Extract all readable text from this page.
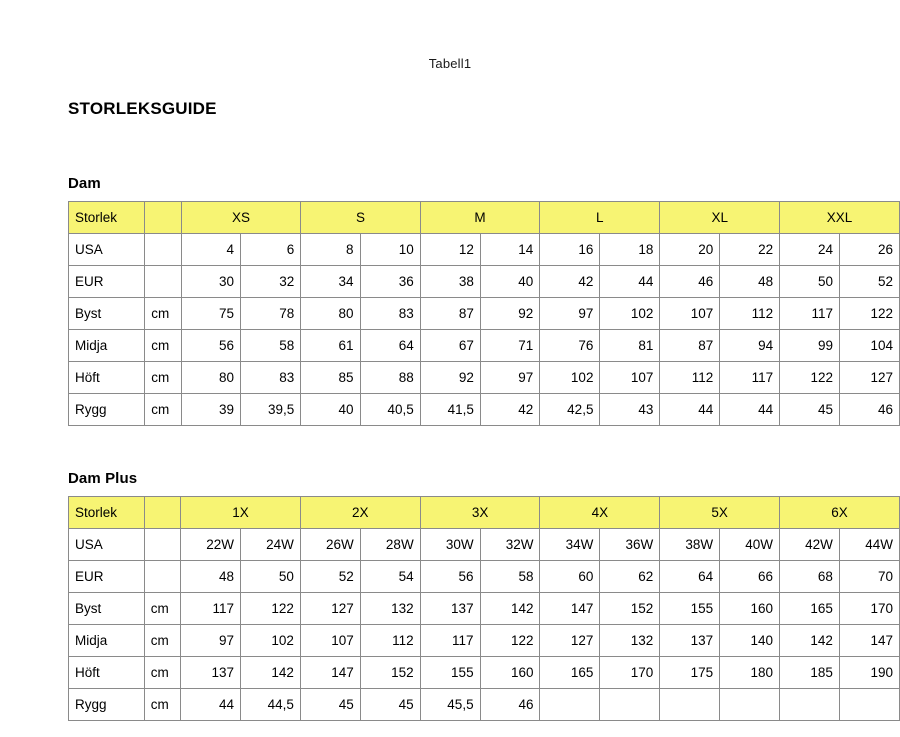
Tabell1
STORLEKSGUIDE
Dam
Storlek		XS		S		M		L		XL		XXL	
USA		4	6	8	10	12	14	16	18	20	22	24	26
EUR		30	32	34	36	38	40	42	44	46	48	50	52
Byst	cm	75	78	80	83	87	92	97	102	107	112	117	122
Midja	cm	56	58	61	64	67	71	76	81	87	94	99	104
Höft	cm	80	83	85	88	92	97	102	107	112	117	122	127
Rygg	cm	39	39,5	40	40,5	41,5	42	42,5	43	44	44	45	46
Dam Plus
Storlek		1X		2X		3X		4X		5X		6X	
USA		22W	24W	26W	28W	30W	32W	34W	36W	38W	40W	42W	44W
EUR		48	50	52	54	56	58	60	62	64	66	68	70
Byst	cm	117	122	127	132	137	142	147	152	155	160	165	170
Midja	cm	97	102	107	112	117	122	127	132	137	140	142	147
Höft	cm	137	142	147	152	155	160	165	170	175	180	185	190
Rygg	cm	44	44,5	45	45	45,5	46						
